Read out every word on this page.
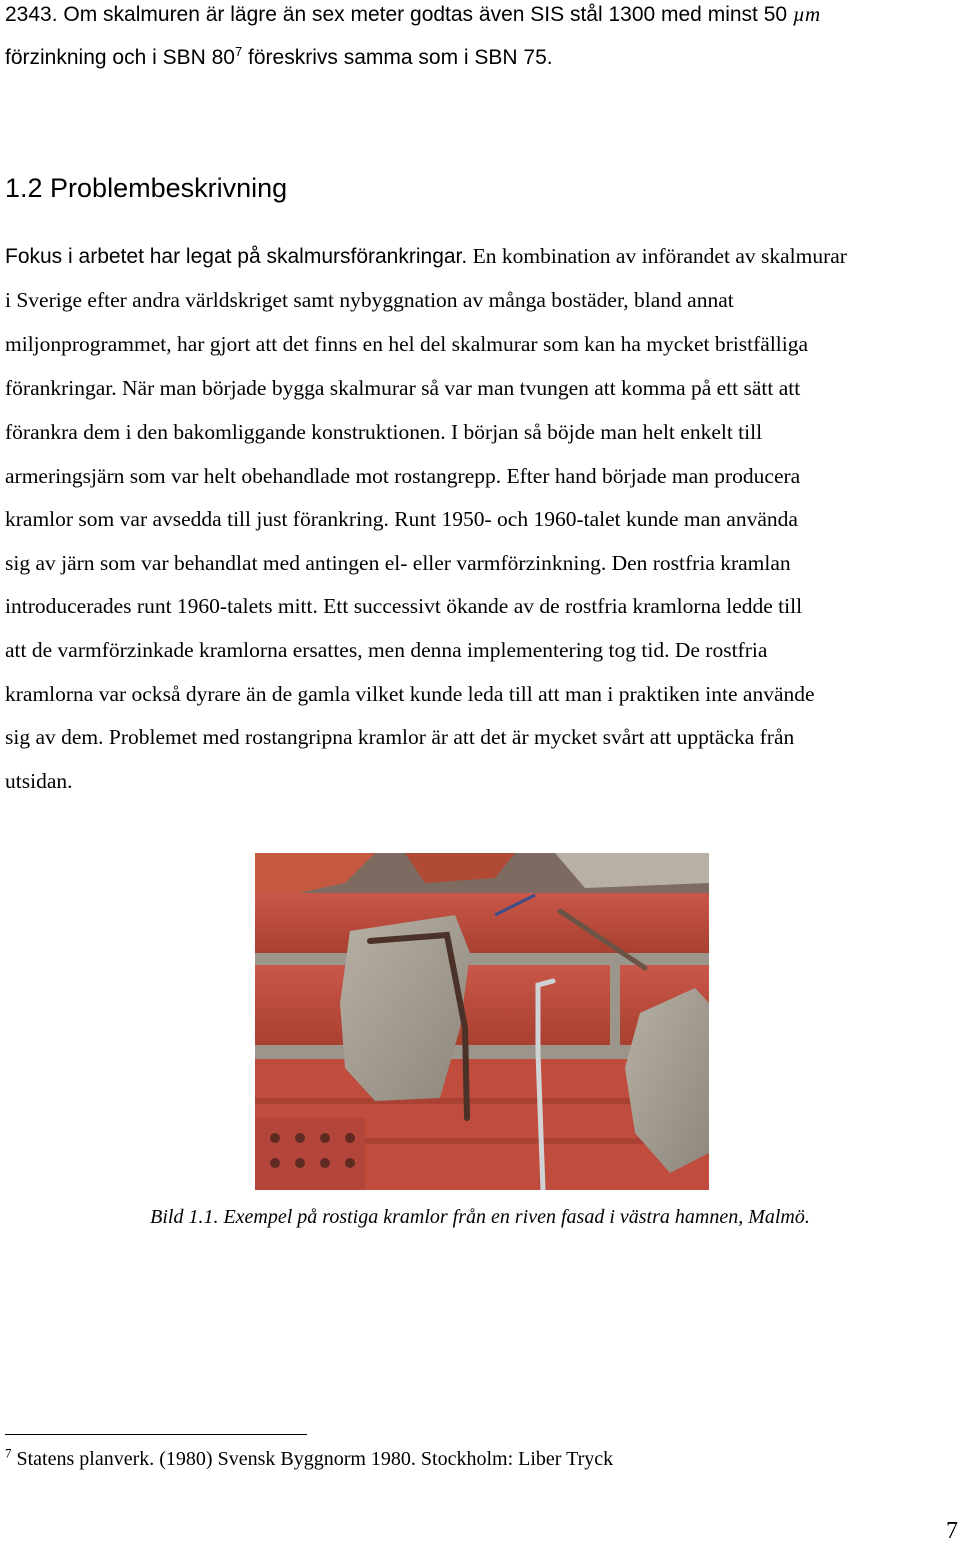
2343. Om skalmuren är lägre än sex meter godtas även SIS stål 1300 med minst 50 µm
förzinkning och i SBN $80^7$ föreskrivs samma som i SBN 75.
1.2 Problembeskrivning
Fokus i arbetet har legat på skalmursförankringar. En kombination av införandet av skalmurar
i Sverige efter andra världskriget samt nybyggnation av många bostäder, bland annat
miljonprogrammet, har gjort att det finns en hel del skalmurar som kan ha mycket bristfälliga
förankringar. När man började bygga skalmurar så var man tvungen att komma på ett sätt att
förankra dem i den bakomliggande konstruktionen. I början så böjde man helt enkelt till
armeringsjärn som var helt obehandlade mot rostangrepp. Efter hand började man producera
kramlor som var avsedda till just förankring. Runt 1950- och 1960-talet kunde man använda
sig av järn som var behandlat med antingen el- eller varmförzinkning. Den rostfria kramlan
introducerades runt 1960-talets mitt. Ett successivt ökande av de rostfria kramlorna ledde till
att de varmförzinkade kramlorna ersattes, men denna implementering tog tid. De rostfria
kramlorna var också dyrare än de gamla vilket kunde leda till att man i praktiken inte använde
sig av dem. Problemet med rostangripna kramlor är att det är mycket svårt att upptäcka från
utsidan.
Bild 1.1. Exempel på rostiga kramlor från en riven fasad i västra hamnen, Malmö.
$^7$ Statens planverk. (1980) Svensk Byggnorm 1980. Stockholm: Liber Tryck
7
